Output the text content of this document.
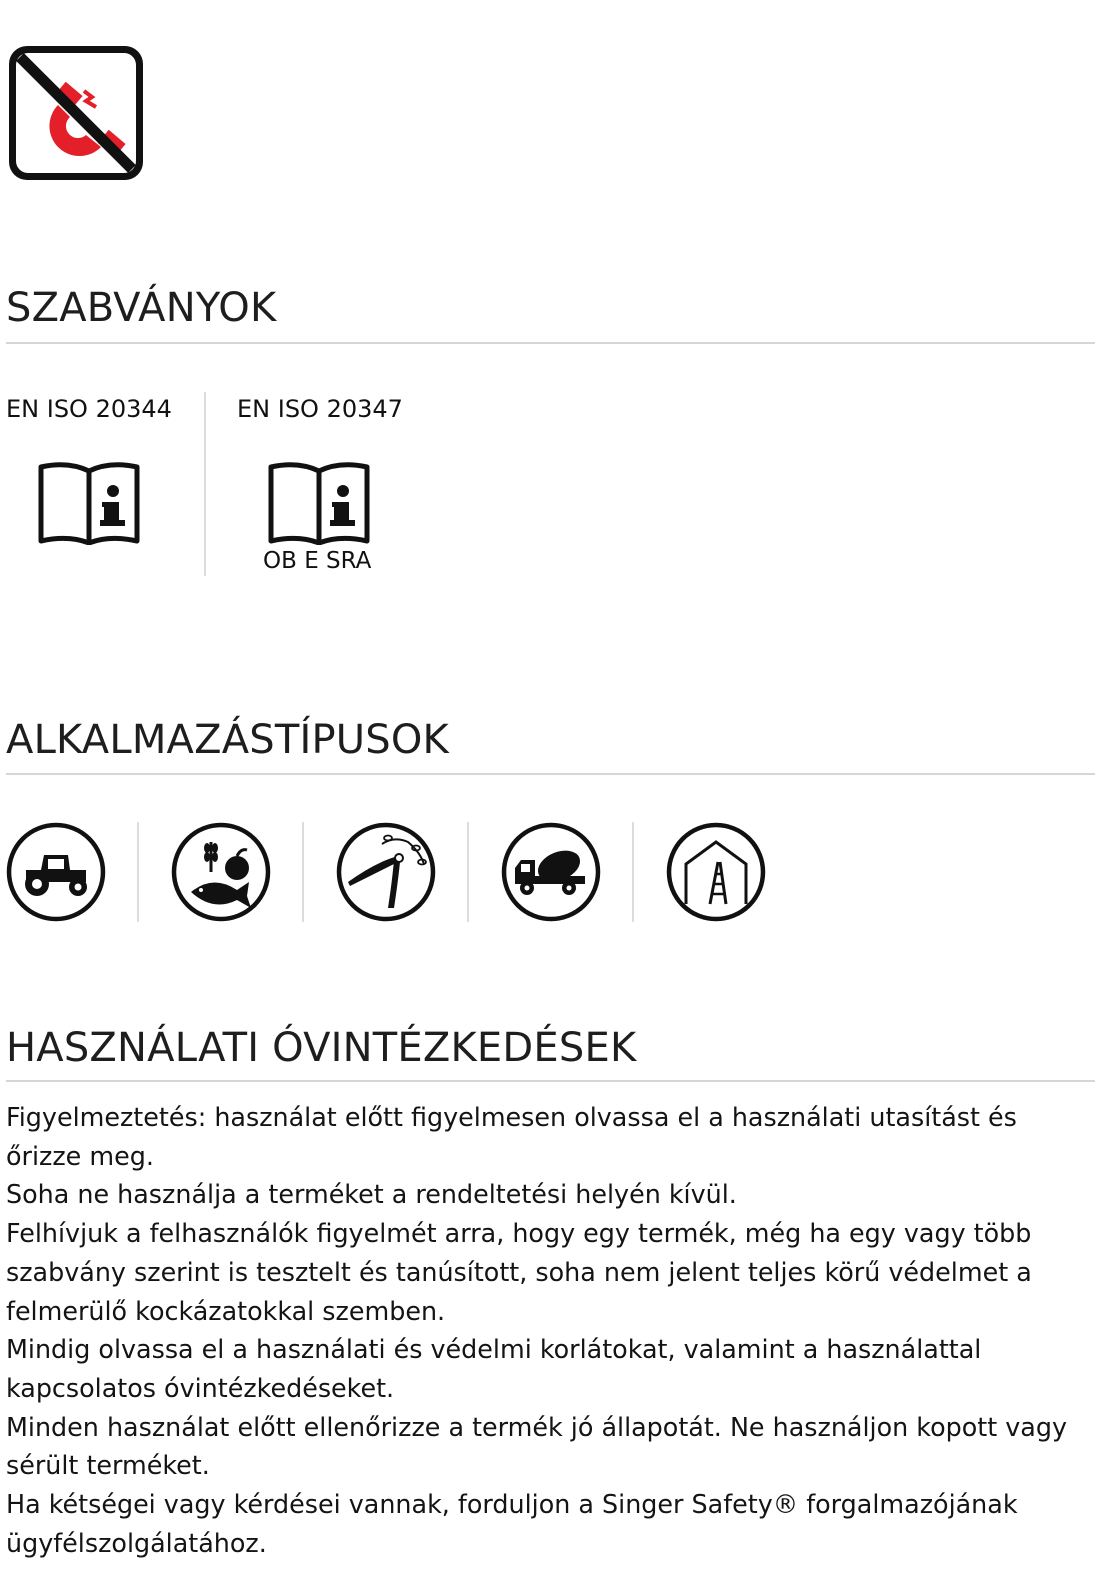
SZABVÁNYOK
EN ISO 20344	EN ISO 20347
OB E SRA
ALKALMAZÁSTÍPUSOK
HASZNÁLATI ÓVINTÉZKEDÉSEK

Figyelmeztetés: használat előtt figyelmesen olvassa el a használati utasítást és őrizze meg.

Soha ne használja a terméket a rendeltetési helyén kívül.

Felhívjuk a felhasználók figyelmét arra, hogy egy termék, még ha egy vagy több szabvány szerint is tesztelt és tanúsított, soha nem jelent teljes körű védelmet a felmerülő kockázatokkal szemben.

Mindig olvassa el a használati és védelmi korlátokat, valamint a használattal kapcsolatos óvintézkedéseket.

Minden használat előtt ellenőrizze a termék jó állapotát. Ne használjon kopott vagy sérült terméket.

Ha kétségei vagy kérdései vannak, forduljon a Singer Safety® forgalmazójának ügyfélszolgálatához.
